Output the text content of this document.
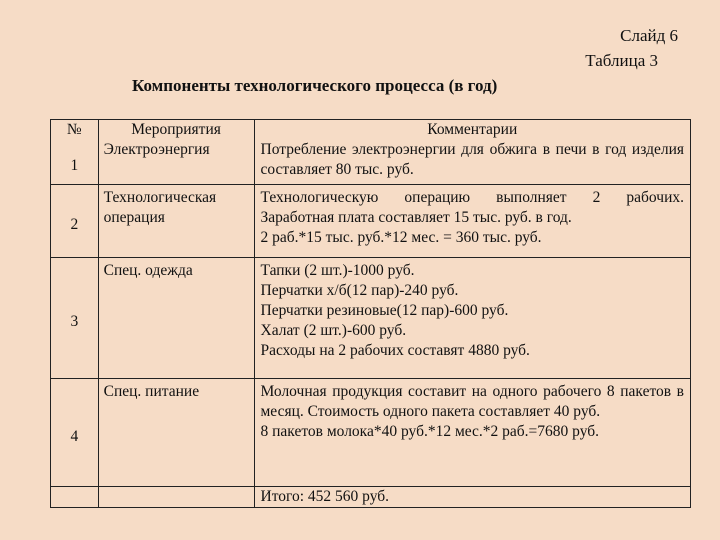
Слайд 6
Таблица 3
Компоненты технологического процесса (в год)
№	Мероприятия	Комментарии

1	Электроэнергия	Потребление электроэнергии для обжига в печи в год изделия составляет 80 тыс. руб.

2	Технологическая операция	Технологическую операцию выполняет 2 рабочих.
Заработная плата составляет 15 тыс. руб. в год.
2 раб.*15 тыс. руб.*12 мес. = 360 тыс. руб.

3	Спец. одежда	Тапки (2 шт.)-1000 руб.
Перчатки х/б(12 пар)-240 руб.
Перчатки резиновые(12 пар)-600 руб.
Халат (2 шт.)-600 руб.
Расходы на 2 рабочих составят 4880 руб.

4	Спец. питание	Молочная продукция составит на одного рабочего 8 пакетов в месяц. Стоимость одного пакета составляет 40 руб.
8 пакетов молока*40 руб.*12 мес.*2 раб.=7680 руб.

		Итого: 452 560 руб.
